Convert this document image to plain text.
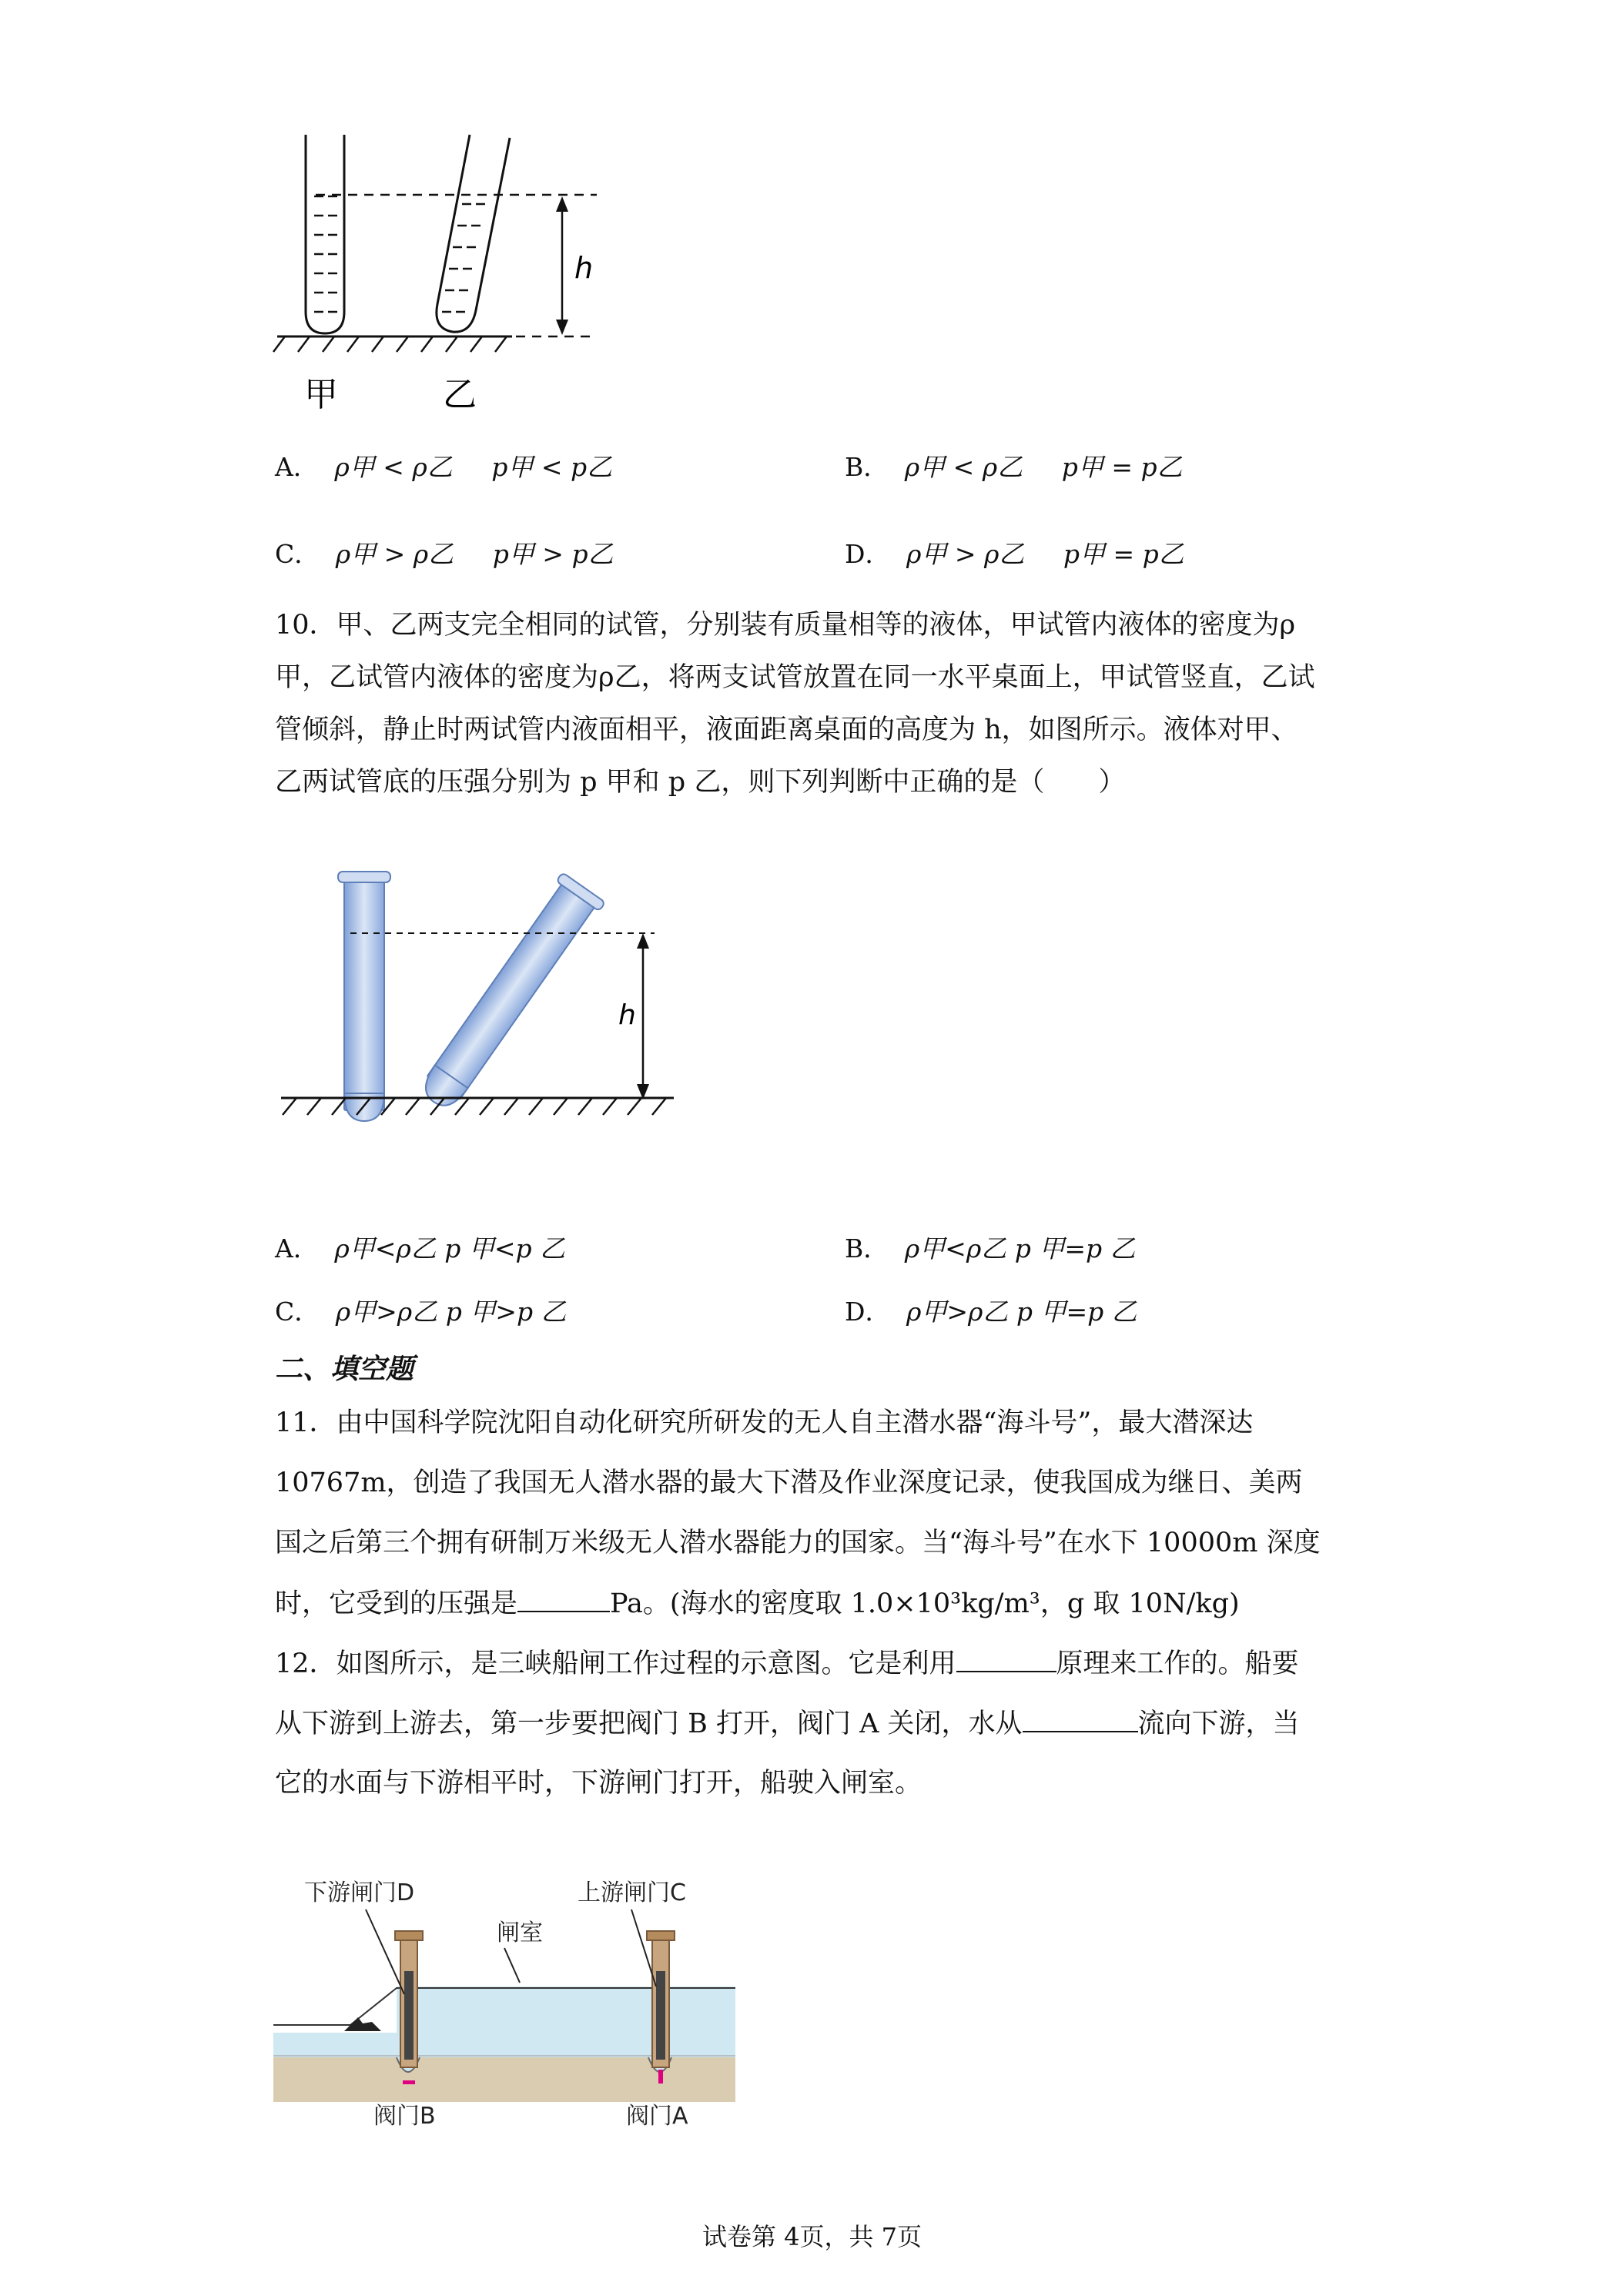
h
甲	乙
A． ρ甲 < ρ乙 p甲 < p乙	B． ρ甲 < ρ乙 p甲 = p乙
C． ρ甲 > ρ乙 p甲 > p乙	D． ρ甲 > ρ乙 p甲 = p乙
10．甲、乙两支完全相同的试管，分别装有质量相等的液体，甲试管内液体的密度为ρ
甲，乙试管内液体的密度为ρ乙，将两支试管放置在同一水平桌面上，甲试管竖直，乙试
管倾斜，静止时两试管内液面相平，液面距离桌面的高度为 h，如图所示。液体对甲、
乙两试管底的压强分别为 p 甲和 p 乙，则下列判断中正确的是（　　）
h
A． ρ甲<ρ乙 p 甲<p 乙	B． ρ甲<ρ乙 p 甲=p 乙
C． ρ甲>ρ乙 p 甲>p 乙	D． ρ甲>ρ乙 p 甲=p 乙
二、填空题
11．由中国科学院沈阳自动化研究所研发的无人自主潜水器“海斗号”，最大潜深达
10767m，创造了我国无人潜水器的最大下潜及作业深度记录，使我国成为继日、美两
国之后第三个拥有研制万米级无人潜水器能力的国家。当“海斗号”在水下 10000m 深度
时，它受到的压强是	Pa。(海水的密度取 1.0×10³kg/m³，g 取 10N/kg)
12．如图所示，是三峡船闸工作过程的示意图。它是利用	原理来工作的。船要
从下游到上游去，第一步要把阀门 B 打开，阀门 A 关闭，水从	流向下游，当
它的水面与下游相平时，下游闸门打开，船驶入闸室。
下游闸门D	上游闸门C
闸室
阀门B	阀门A
试卷第 4页，共 7页
